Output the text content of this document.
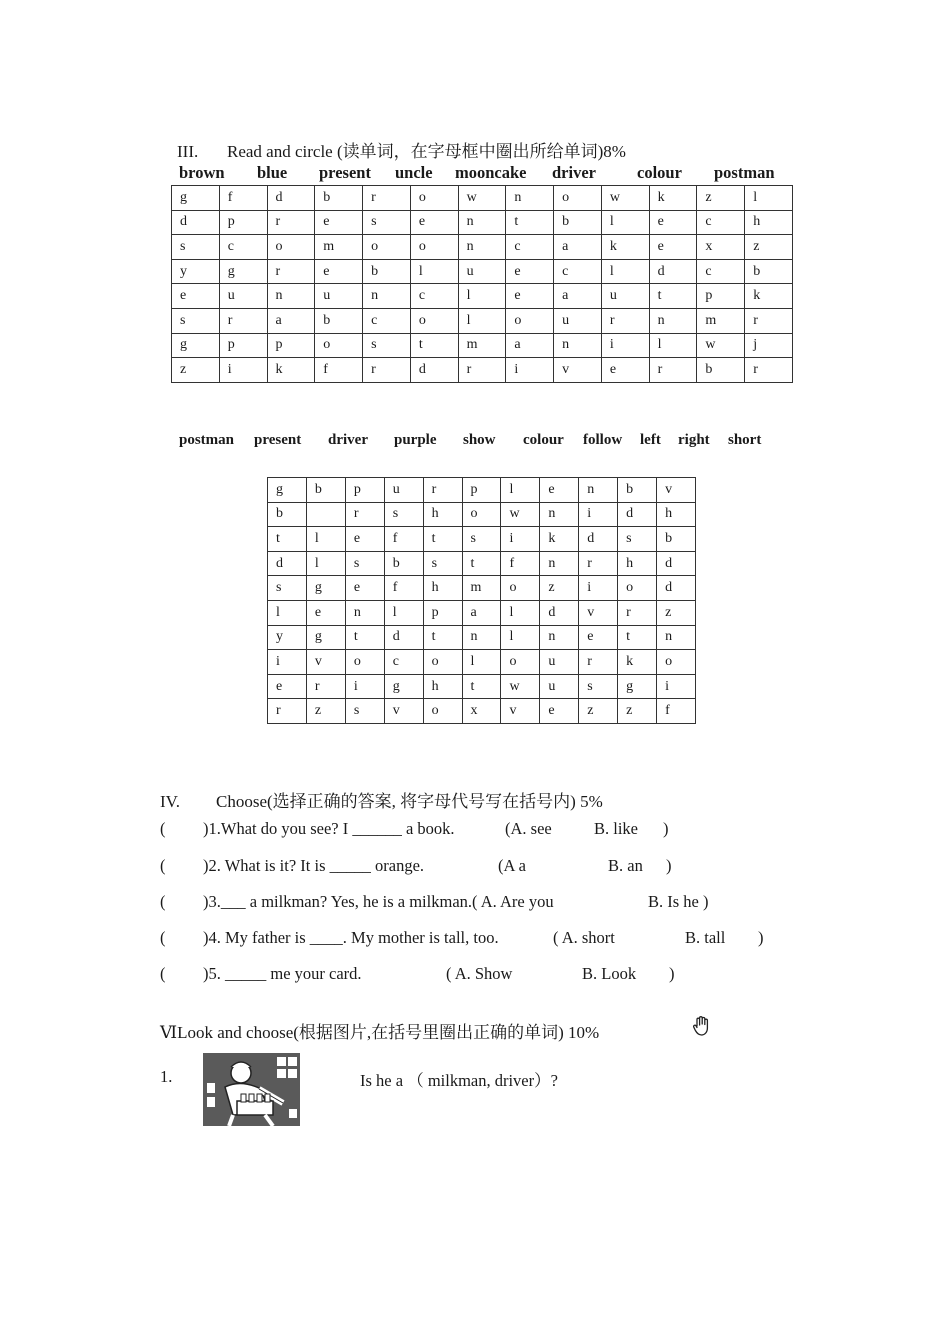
III. Read and circle (读单词，在字母框中圈出所给单词)8%
brown blue present uncle mooncake driver colour postman
g	f	d	b	r	o	w	n	o	w	k	z	l
d	p	r	e	s	e	n	t	b	l	e	c	h
s	c	o	m	o	o	n	c	a	k	e	x	z
y	g	r	e	b	l	u	e	c	l	d	c	b
e	u	n	u	n	c	l	e	a	u	t	p	k
s	r	a	b	c	o	l	o	u	r	n	m	r
g	p	p	o	s	t	m	a	n	i	l	w	j
z	i	k	f	r	d	r	i	v	e	r	b	r
postman present driver purple show colour follow left right short
g	b	p	u	r	p	l	e	n	b	v
b		r	s	h	o	w	n	i	d	h
t	l	e	f	t	s	i	k	d	s	b
d	l	s	b	s	t	f	n	r	h	d
s	g	e	f	h	m	o	z	i	o	d
l	e	n	l	p	a	l	d	v	r	z
y	g	t	d	t	n	l	n	e	t	n
i	v	o	c	o	l	o	u	r	k	o
e	r	i	g	h	t	w	u	s	g	i
r	z	s	v	o	x	v	e	z	z	f
IV. Choose(选择正确的答案, 将字母代号写在括号内) 5%
( )1.What do you see? I ______ a book.	(A. see	B. like )
( )2. What is it? It is _____ orange.	(A a	B. an )
( )3.___ a milkman? Yes, he is a milkman.( A. Are you	B. Is he )
( )4. My father is ____. My mother is tall, too.	( A. short	B. tall )
( )5. _____ me your card.	( A. Show	B. Look )
ⅥLook and choose(根据图片,在括号里圈出正确的单词) 10%
1.	Is he a （ milkman, driver）?
